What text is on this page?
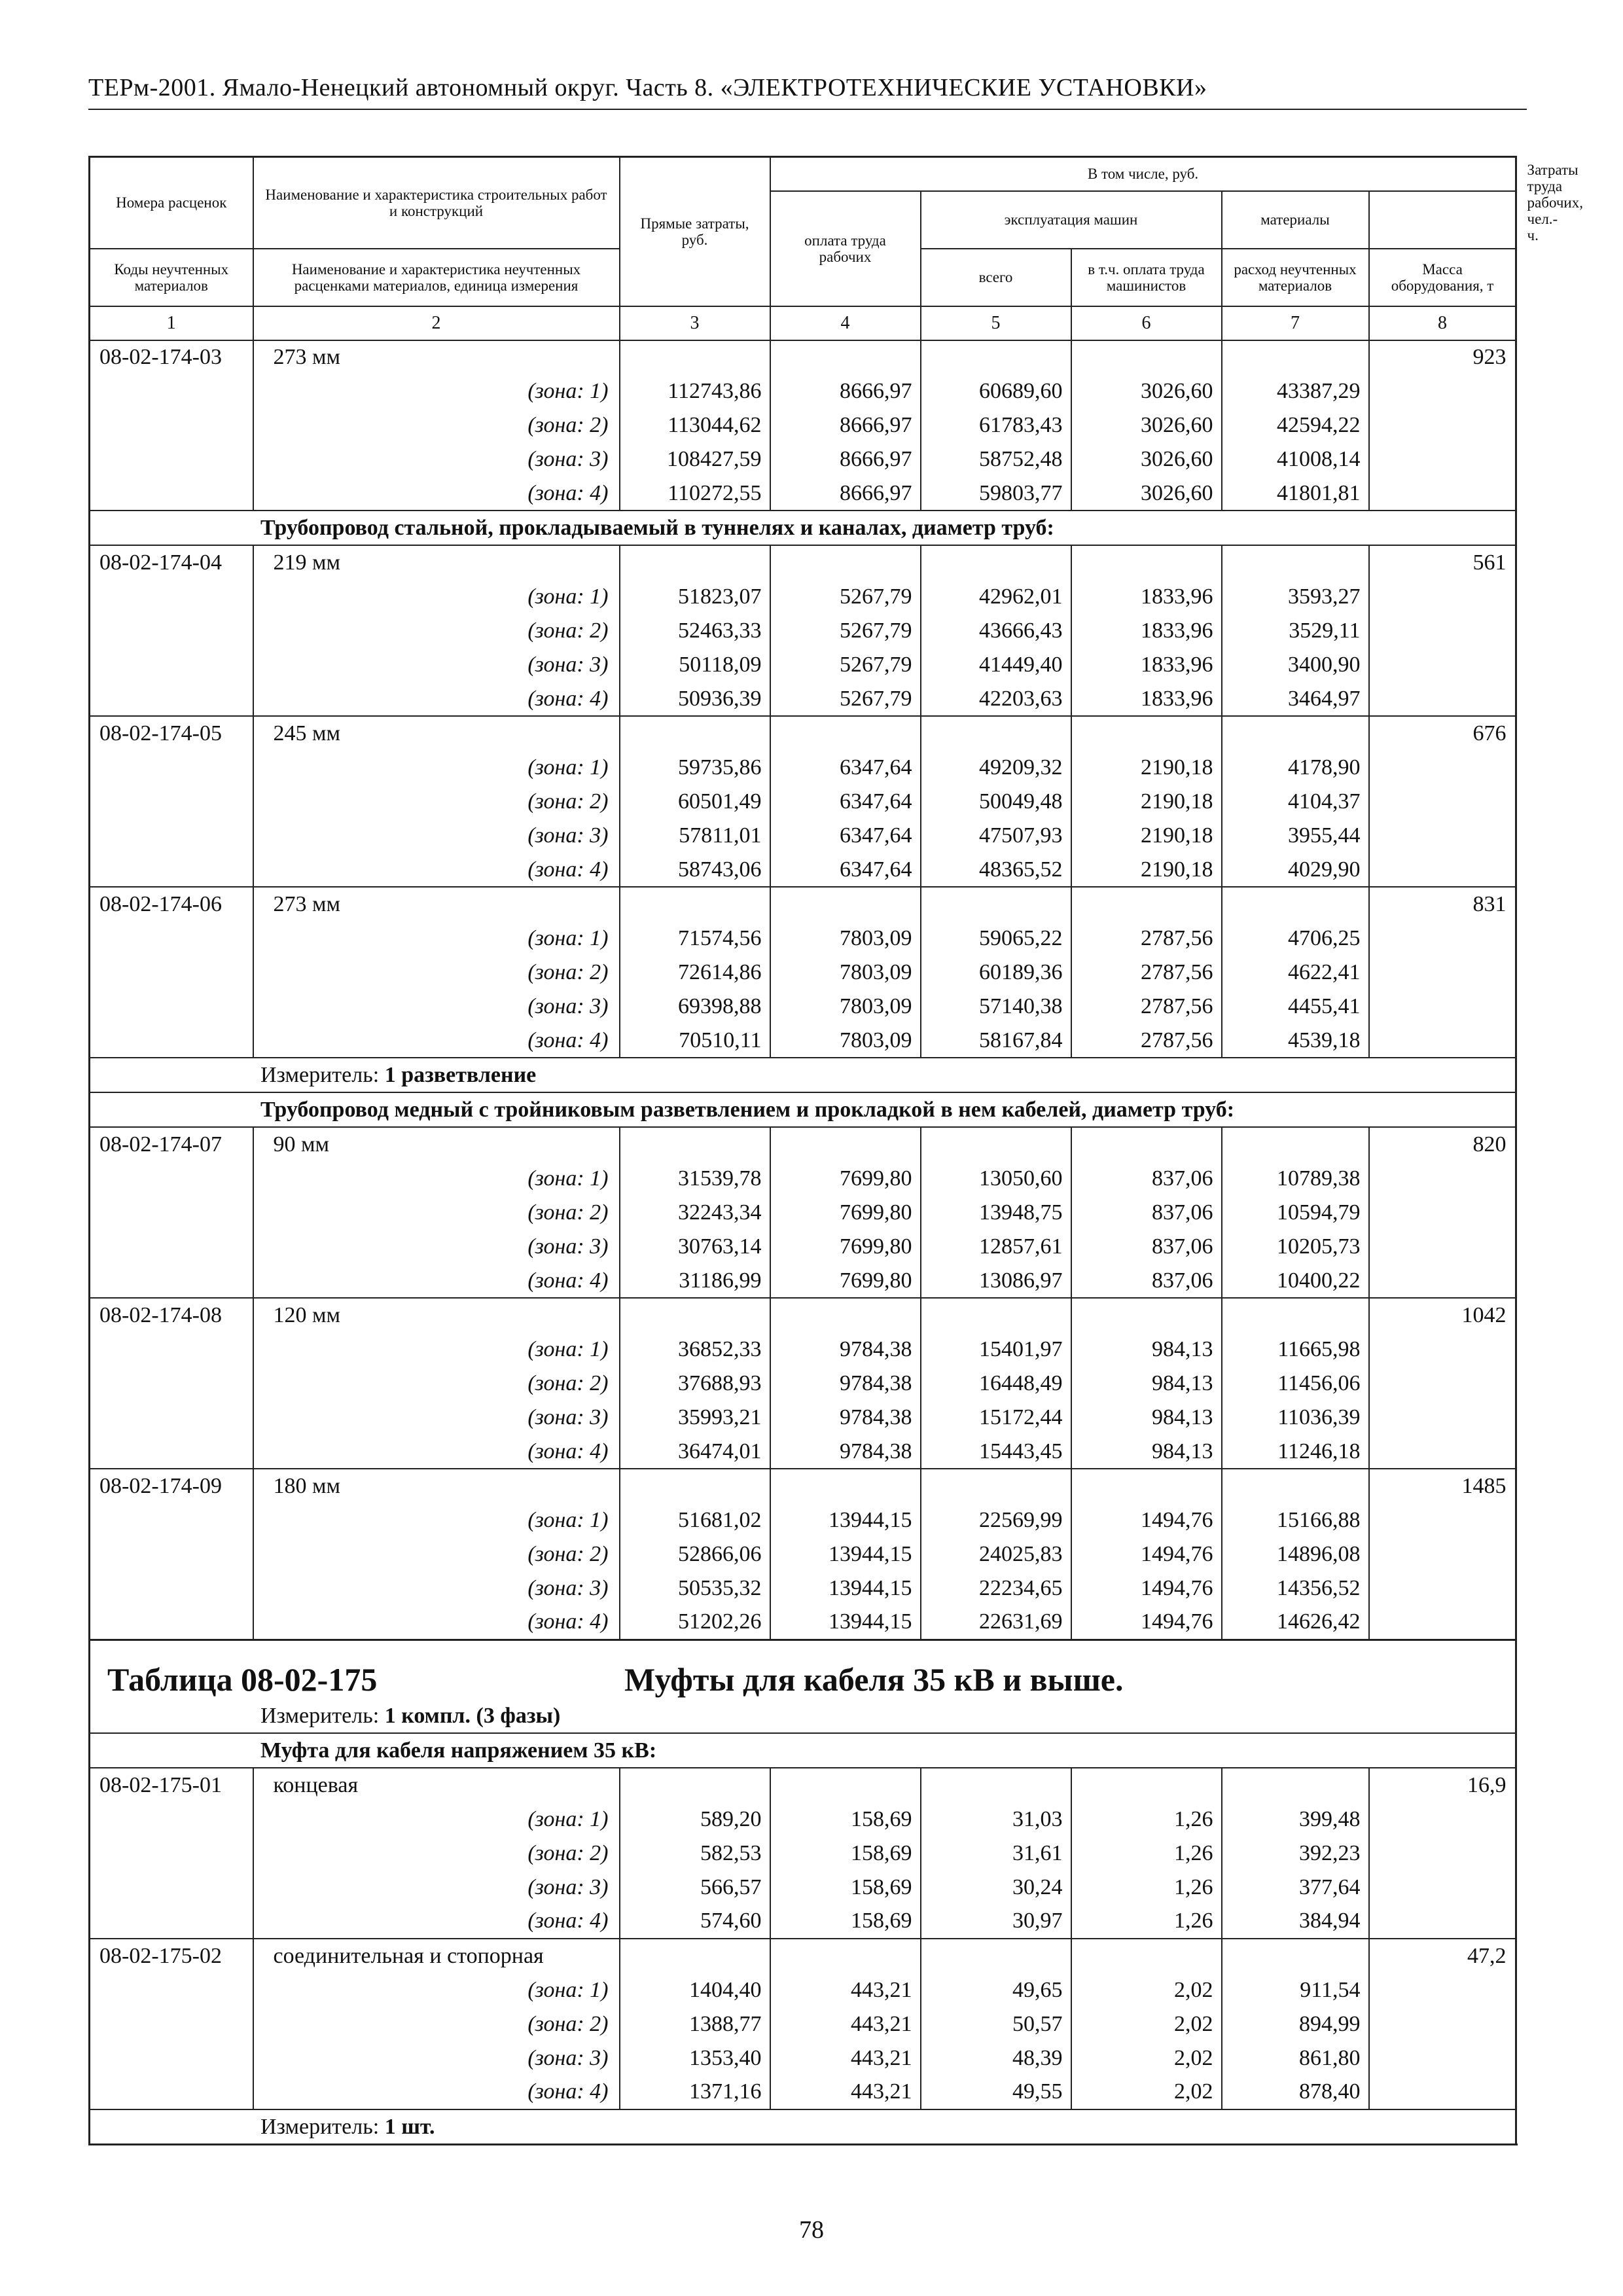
ТЕРм-2001. Ямало-Ненецкий автономный округ. Часть 8. «ЭЛЕКТРОТЕХНИЧЕСКИЕ УСТАНОВКИ»
Номера расценок	Наименование и характеристика строительных работ и конструкций	Прямые затраты, руб.	В том числе, руб.					Затраты труда рабочих, чел.-ч.
			оплата труда рабочих	эксплуатация машин		материалы		

Коды неучтенных материалов	Наименование и характеристика неучтенных расценками материалов, единица измерения			всего	в т.ч. оплата труда машинистов	расход неучтенных материалов	Масса оборудования, т	

1	2	3	4	5	6	7	8	
08-02-174-03	273 мм						923	
	(зона: 1)	112743,86	8666,97	60689,60	3026,60	43387,29		
	(зона: 2)	113044,62	8666,97	61783,43	3026,60	42594,22		
	(зона: 3)	108427,59	8666,97	58752,48	3026,60	41008,14		
	(зона: 4)	110272,55	8666,97	59803,77	3026,60	41801,81		
Трубопровод стальной, прокладываемый в туннелях и каналах, диаметр труб:								
08-02-174-04	219 мм						561	
	(зона: 1)	51823,07	5267,79	42962,01	1833,96	3593,27		
	(зона: 2)	52463,33	5267,79	43666,43	1833,96	3529,11		
	(зона: 3)	50118,09	5267,79	41449,40	1833,96	3400,90		
	(зона: 4)	50936,39	5267,79	42203,63	1833,96	3464,97		
08-02-174-05	245 мм						676	
	(зона: 1)	59735,86	6347,64	49209,32	2190,18	4178,90		
	(зона: 2)	60501,49	6347,64	50049,48	2190,18	4104,37		
	(зона: 3)	57811,01	6347,64	47507,93	2190,18	3955,44		
	(зона: 4)	58743,06	6347,64	48365,52	2190,18	4029,90		
08-02-174-06	273 мм						831	
	(зона: 1)	71574,56	7803,09	59065,22	2787,56	4706,25		
	(зона: 2)	72614,86	7803,09	60189,36	2787,56	4622,41		
	(зона: 3)	69398,88	7803,09	57140,38	2787,56	4455,41		
	(зона: 4)	70510,11	7803,09	58167,84	2787,56	4539,18		
Измеритель: 1 разветвление								
Трубопровод медный с тройниковым разветвлением и прокладкой в нем кабелей, диаметр труб:								
08-02-174-07	90 мм						820	
	(зона: 1)	31539,78	7699,80	13050,60	837,06	10789,38		
	(зона: 2)	32243,34	7699,80	13948,75	837,06	10594,79		
	(зона: 3)	30763,14	7699,80	12857,61	837,06	10205,73		
	(зона: 4)	31186,99	7699,80	13086,97	837,06	10400,22		
08-02-174-08	120 мм						1042	
	(зона: 1)	36852,33	9784,38	15401,97	984,13	11665,98		
	(зона: 2)	37688,93	9784,38	16448,49	984,13	11456,06		
	(зона: 3)	35993,21	9784,38	15172,44	984,13	11036,39		
	(зона: 4)	36474,01	9784,38	15443,45	984,13	11246,18		
08-02-174-09	180 мм						1485	
	(зона: 1)	51681,02	13944,15	22569,99	1494,76	15166,88		
	(зона: 2)	52866,06	13944,15	24025,83	1494,76	14896,08		
	(зона: 3)	50535,32	13944,15	22234,65	1494,76	14356,52		
	(зона: 4)	51202,26	13944,15	22631,69	1494,76	14626,42		
Таблица 08-02-175 Муфты для кабеля 35 кВ и выше.								
Измеритель: 1 компл. (3 фазы)								
Муфта для кабеля напряжением 35 кВ:								
08-02-175-01	концевая						16,9	
	(зона: 1)	589,20	158,69	31,03	1,26	399,48		
	(зона: 2)	582,53	158,69	31,61	1,26	392,23		
	(зона: 3)	566,57	158,69	30,24	1,26	377,64		
	(зона: 4)	574,60	158,69	30,97	1,26	384,94		
08-02-175-02	соединительная и стопорная						47,2	
	(зона: 1)	1404,40	443,21	49,65	2,02	911,54		
	(зона: 2)	1388,77	443,21	50,57	2,02	894,99		
	(зона: 3)	1353,40	443,21	48,39	2,02	861,80		
	(зона: 4)	1371,16	443,21	49,55	2,02	878,40		
Измеритель: 1 шт.								
78
